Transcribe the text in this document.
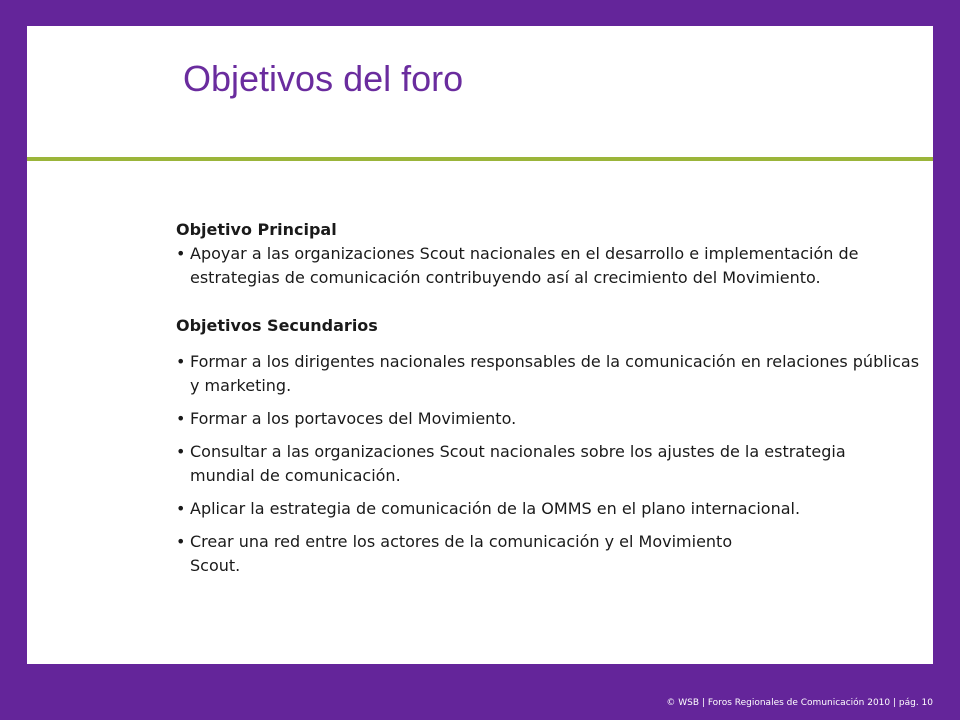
Objetivos del foro

Objetivo Principal

• Apoyar a las organizaciones Scout nacionales en el desarrollo e implementación de estrategias de comunicación contribuyendo así al crecimiento del Movimiento.

Objetivos Secundarios

• Formar a los dirigentes nacionales responsables de la comunicación en relaciones públicas y marketing.
• Formar a los portavoces del Movimiento.
• Consultar a las organizaciones Scout nacionales sobre los ajustes de la estrategia mundial de comunicación.
• Aplicar la estrategia de comunicación de la OMMS en el plano internacional.
• Crear una red entre los actores de la comunicación y el Movimiento Scout.
© WSB | Foros Regionales de Comunicación 2010 | pág. 10
